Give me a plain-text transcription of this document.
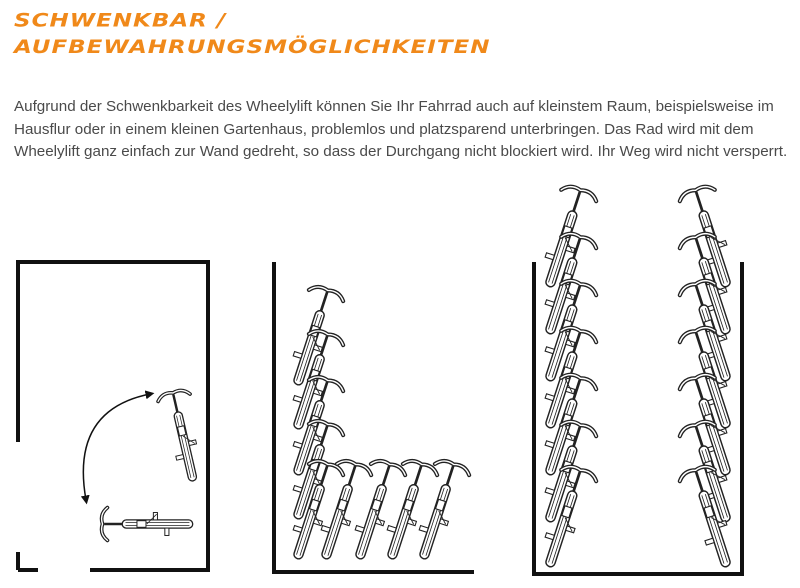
SCHWENKBAR /
AUFBEWAHRUNGSMÖGLICHKEITEN

Aufgrund der Schwenkbarkeit des Wheelylift können Sie Ihr Fahrrad auch auf kleinstem Raum, beispielsweise im Hausflur oder in einem kleinen Gartenhaus, problemlos und platzsparend unterbringen. Das Rad wird mit dem Wheelylift ganz einfach zur Wand gedreht, so dass der Durchgang nicht blockiert wird. Ihr Weg wird nicht versperrt.
